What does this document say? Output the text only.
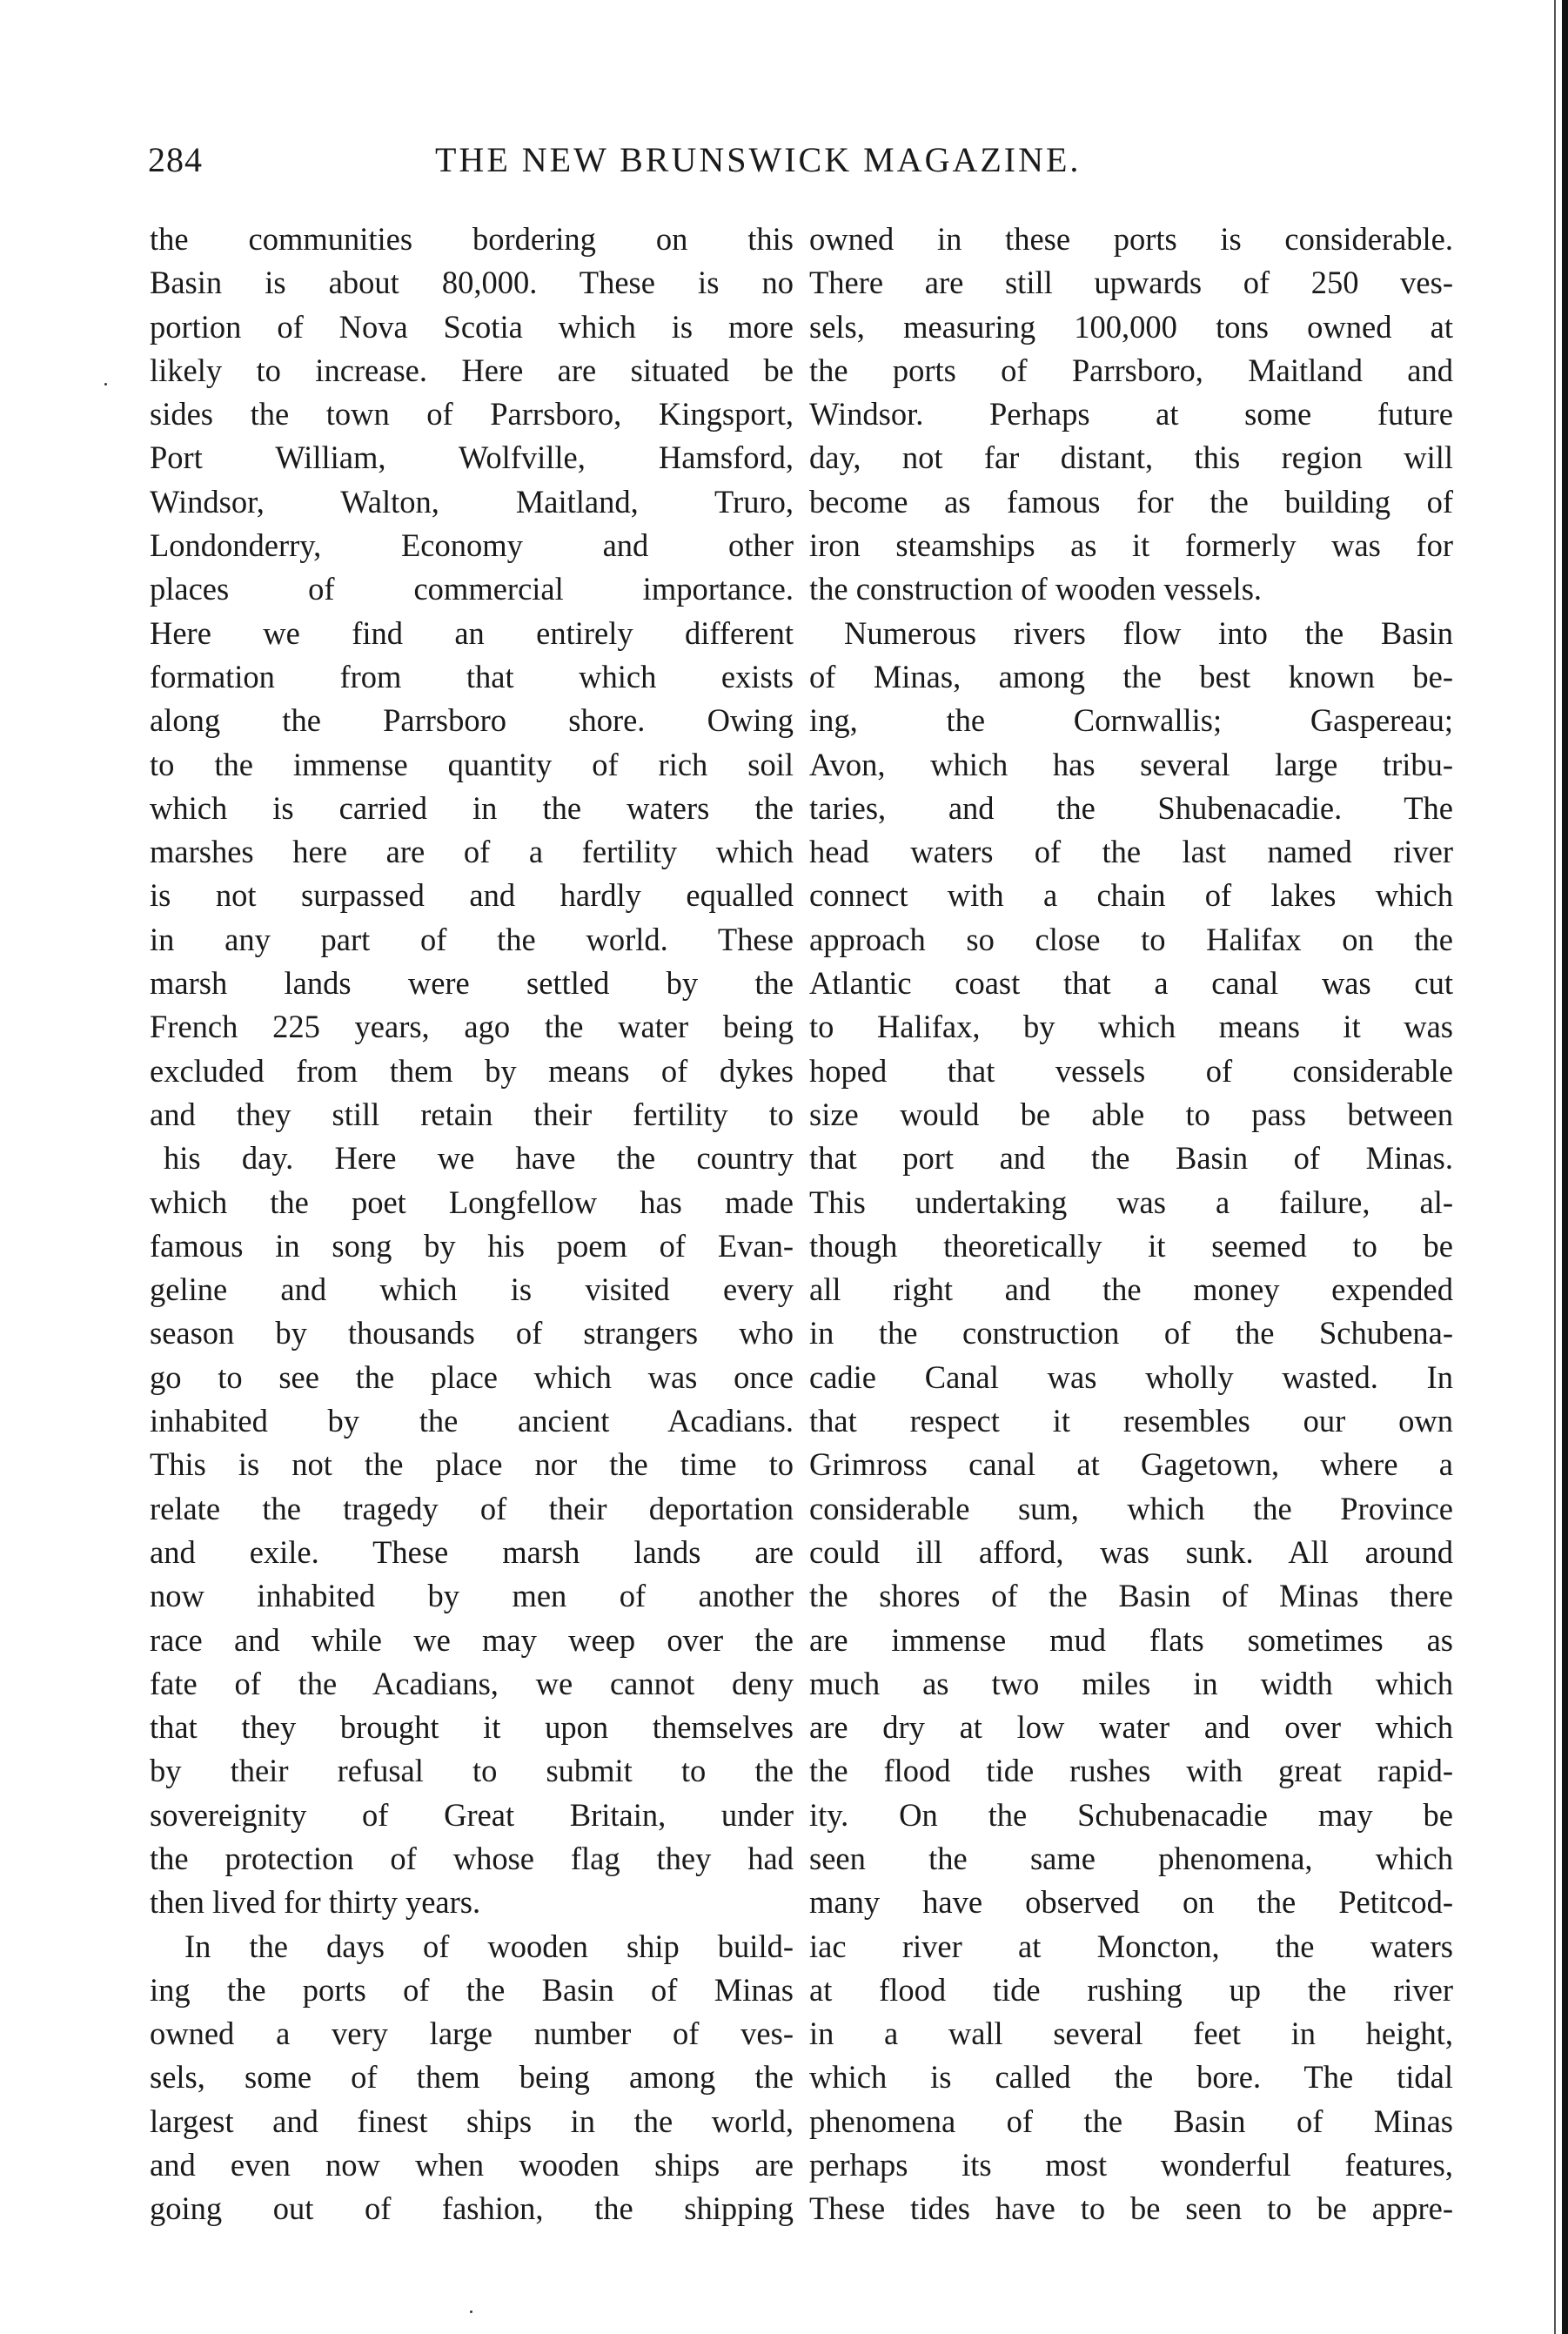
284	THE NEW BRUNSWICK MAGAZINE.
the communities bordering on this
Basin is about 80,000. These is no
portion of Nova Scotia which is more
likely to increase. Here are situated be
sides the town of Parrsboro, Kingsport,
Port William, Wolfville, Hamsford,
Windsor, Walton, Maitland, Truro,
Londonderry, Economy and other
places of commercial importance.
Here we find an entirely different
formation from that which exists
along the Parrsboro shore. Owing
to the immense quantity of rich soil
which is carried in the waters the
marshes here are of a fertility which
is not surpassed and hardly equalled
in any part of the world. These
marsh lands were settled by the
French 225 years, ago the water being
excluded from them by means of dykes
and they still retain their fertility to
his day. Here we have the country
which the poet Longfellow has made
famous in song by his poem of Evan-
geline and which is visited every
season by thousands of strangers who
go to see the place which was once
inhabited by the ancient Acadians.
This is not the place nor the time to
relate the tragedy of their deportation
and exile. These marsh lands are
now inhabited by men of another
race and while we may weep over the
fate of the Acadians, we cannot deny
that they brought it upon themselves
by their refusal to submit to the
sovereignity of Great Britain, under
the protection of whose flag they had
then lived for thirty years.
In the days of wooden ship build-
ing the ports of the Basin of Minas
owned a very large number of ves-
sels, some of them being among the
largest and finest ships in the world,
and even now when wooden ships are
going out of fashion, the shipping
owned in these ports is considerable.
There are still upwards of 250 ves-
sels, measuring 100,000 tons owned at
the ports of Parrsboro, Maitland and
Windsor. Perhaps at some future
day, not far distant, this region will
become as famous for the building of
iron steamships as it formerly was for
the construction of wooden vessels.
Numerous rivers flow into the Basin
of Minas, among the best known be-
ing, the Cornwallis; Gaspereau;
Avon, which has several large tribu-
taries, and the Shubenacadie. The
head waters of the last named river
connect with a chain of lakes which
approach so close to Halifax on the
Atlantic coast that a canal was cut
to Halifax, by which means it was
hoped that vessels of considerable
size would be able to pass between
that port and the Basin of Minas.
This undertaking was a failure, al-
though theoretically it seemed to be
all right and the money expended
in the construction of the Schubena-
cadie Canal was wholly wasted. In
that respect it resembles our own
Grimross canal at Gagetown, where a
considerable sum, which the Province
could ill afford, was sunk. All around
the shores of the Basin of Minas there
are immense mud flats sometimes as
much as two miles in width which
are dry at low water and over which
the flood tide rushes with great rapid-
ity. On the Schubenacadie may be
seen the same phenomena, which
many have observed on the Petitcod-
iac river at Moncton, the waters
at flood tide rushing up the river
in a wall several feet in height,
which is called the bore. The tidal
phenomena of the Basin of Minas
perhaps its most wonderful features,
These tides have to be seen to be appre-
